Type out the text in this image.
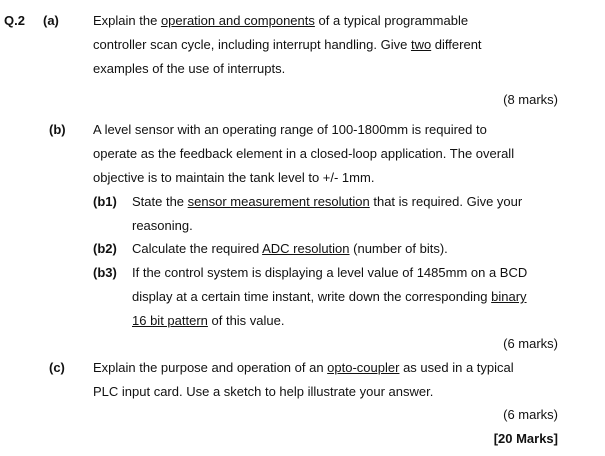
Q.2 (a)	Explain the operation and components of a typical programmable
controller scan cycle, including interrupt handling. Give two different
examples of the use of interrupts.
(8 marks)
(b) A level sensor with an operating range of 100-1800mm is required to
operate as the feedback element in a closed-loop application. The overall
objective is to maintain the tank level to +/- 1mm.
(b1) State the sensor measurement resolution that is required. Give your
reasoning.
(b2) Calculate the required ADC resolution (number of bits).
(b3) If the control system is displaying a level value of 1485mm on a BCD
display at a certain time instant, write down the corresponding binary
16 bit pattern of this value.
(6 marks)
(c) Explain the purpose and operation of an opto-coupler as used in a typical
PLC input card. Use a sketch to help illustrate your answer.
(6 marks)
[20 Marks]
